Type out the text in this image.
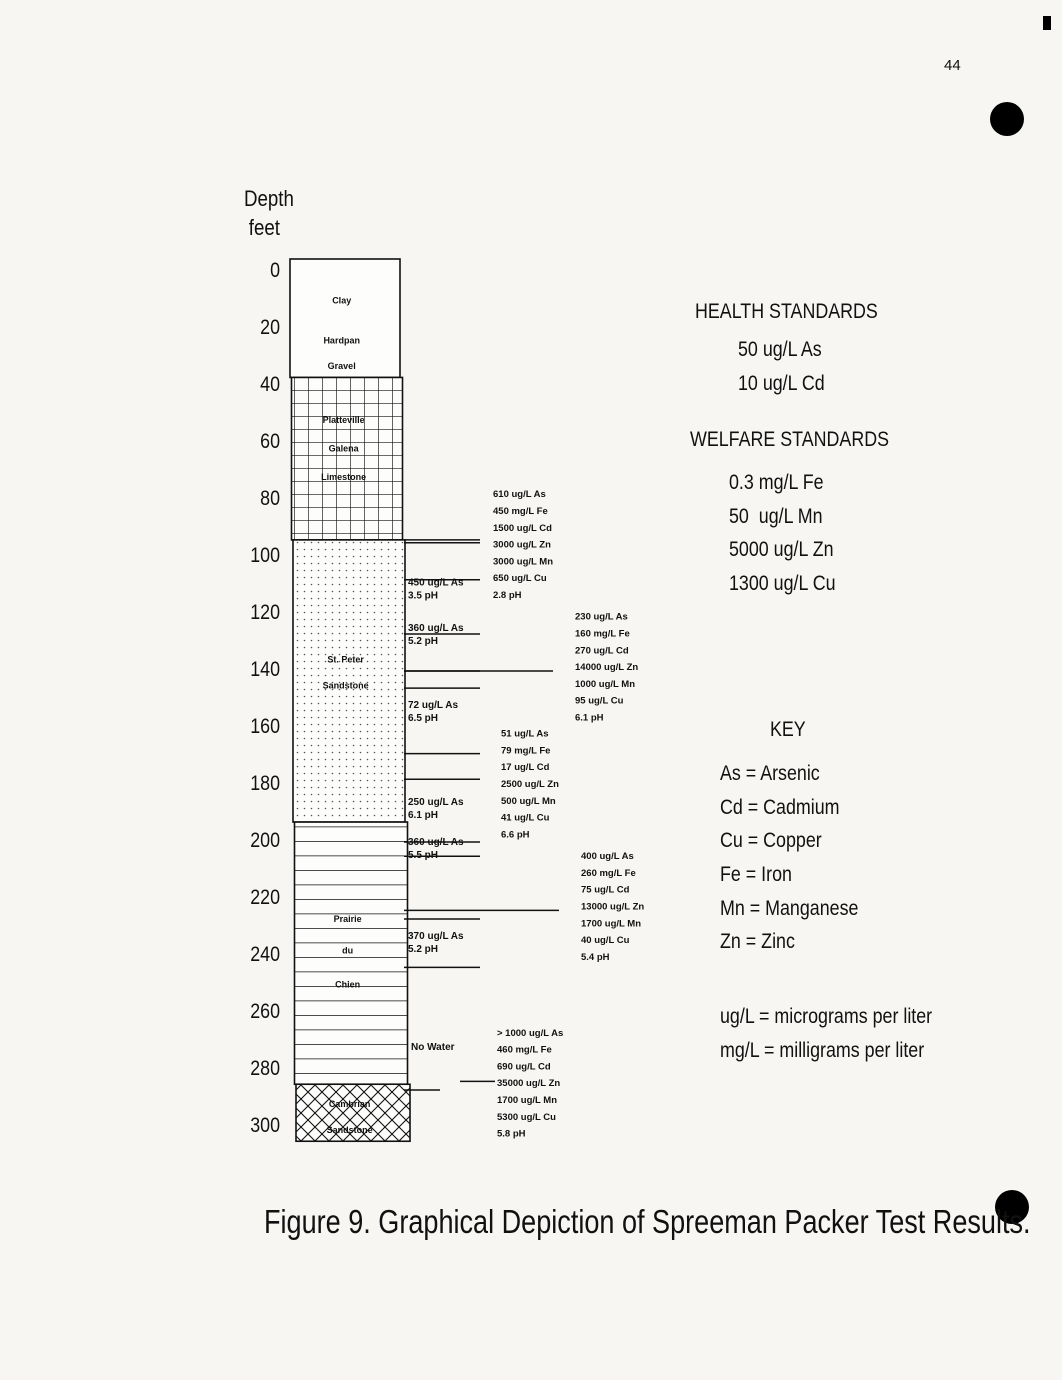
44
Depth
feet
0
20
40
60
80
100
120
140
160
180
200
220
240
260
280
300
Clay
Hardpan
Gravel
Platteville
Galena
Limestone
St. Peter
Sandstone
Prairie
du
Chien
Cambrian
Sandstone
450 ug/L As
3.5 pH
360 ug/L As
5.2 pH
72 ug/L As
6.5 pH
250 ug/L As
6.1 pH
360 ug/L As
5.5 pH
370 ug/L As
5.2 pH
No Water
610 ug/L As
450 mg/L Fe
1500 ug/L Cd
3000 ug/L Zn
3000 ug/L Mn
650 ug/L Cu
2.8 pH
230 ug/L As
160 mg/L Fe
270 ug/L Cd
14000 ug/L Zn
1000 ug/L Mn
95 ug/L Cu
6.1 pH
51 ug/L As
79 mg/L Fe
17 ug/L Cd
2500 ug/L Zn
500 ug/L Mn
41 ug/L Cu
6.6 pH
400 ug/L As
260 mg/L Fe
75 ug/L Cd
13000 ug/L Zn
1700 ug/L Mn
40 ug/L Cu
5.4 pH
> 1000 ug/L As
460 mg/L Fe
690 ug/L Cd
35000 ug/L Zn
1700 ug/L Mn
5300 ug/L Cu
5.8 pH
HEALTH STANDARDS
50 ug/L As
10 ug/L Cd
WELFARE STANDARDS
0.3 mg/L Fe
50  ug/L Mn
5000 ug/L Zn
1300 ug/L Cu
KEY
As = Arsenic
Cd = Cadmium
Cu = Copper
Fe = Iron
Mn = Manganese
Zn = Zinc
ug/L = micrograms per liter
mg/L = milligrams per liter
Figure 9. Graphical Depiction of Spreeman Packer Test Results.
